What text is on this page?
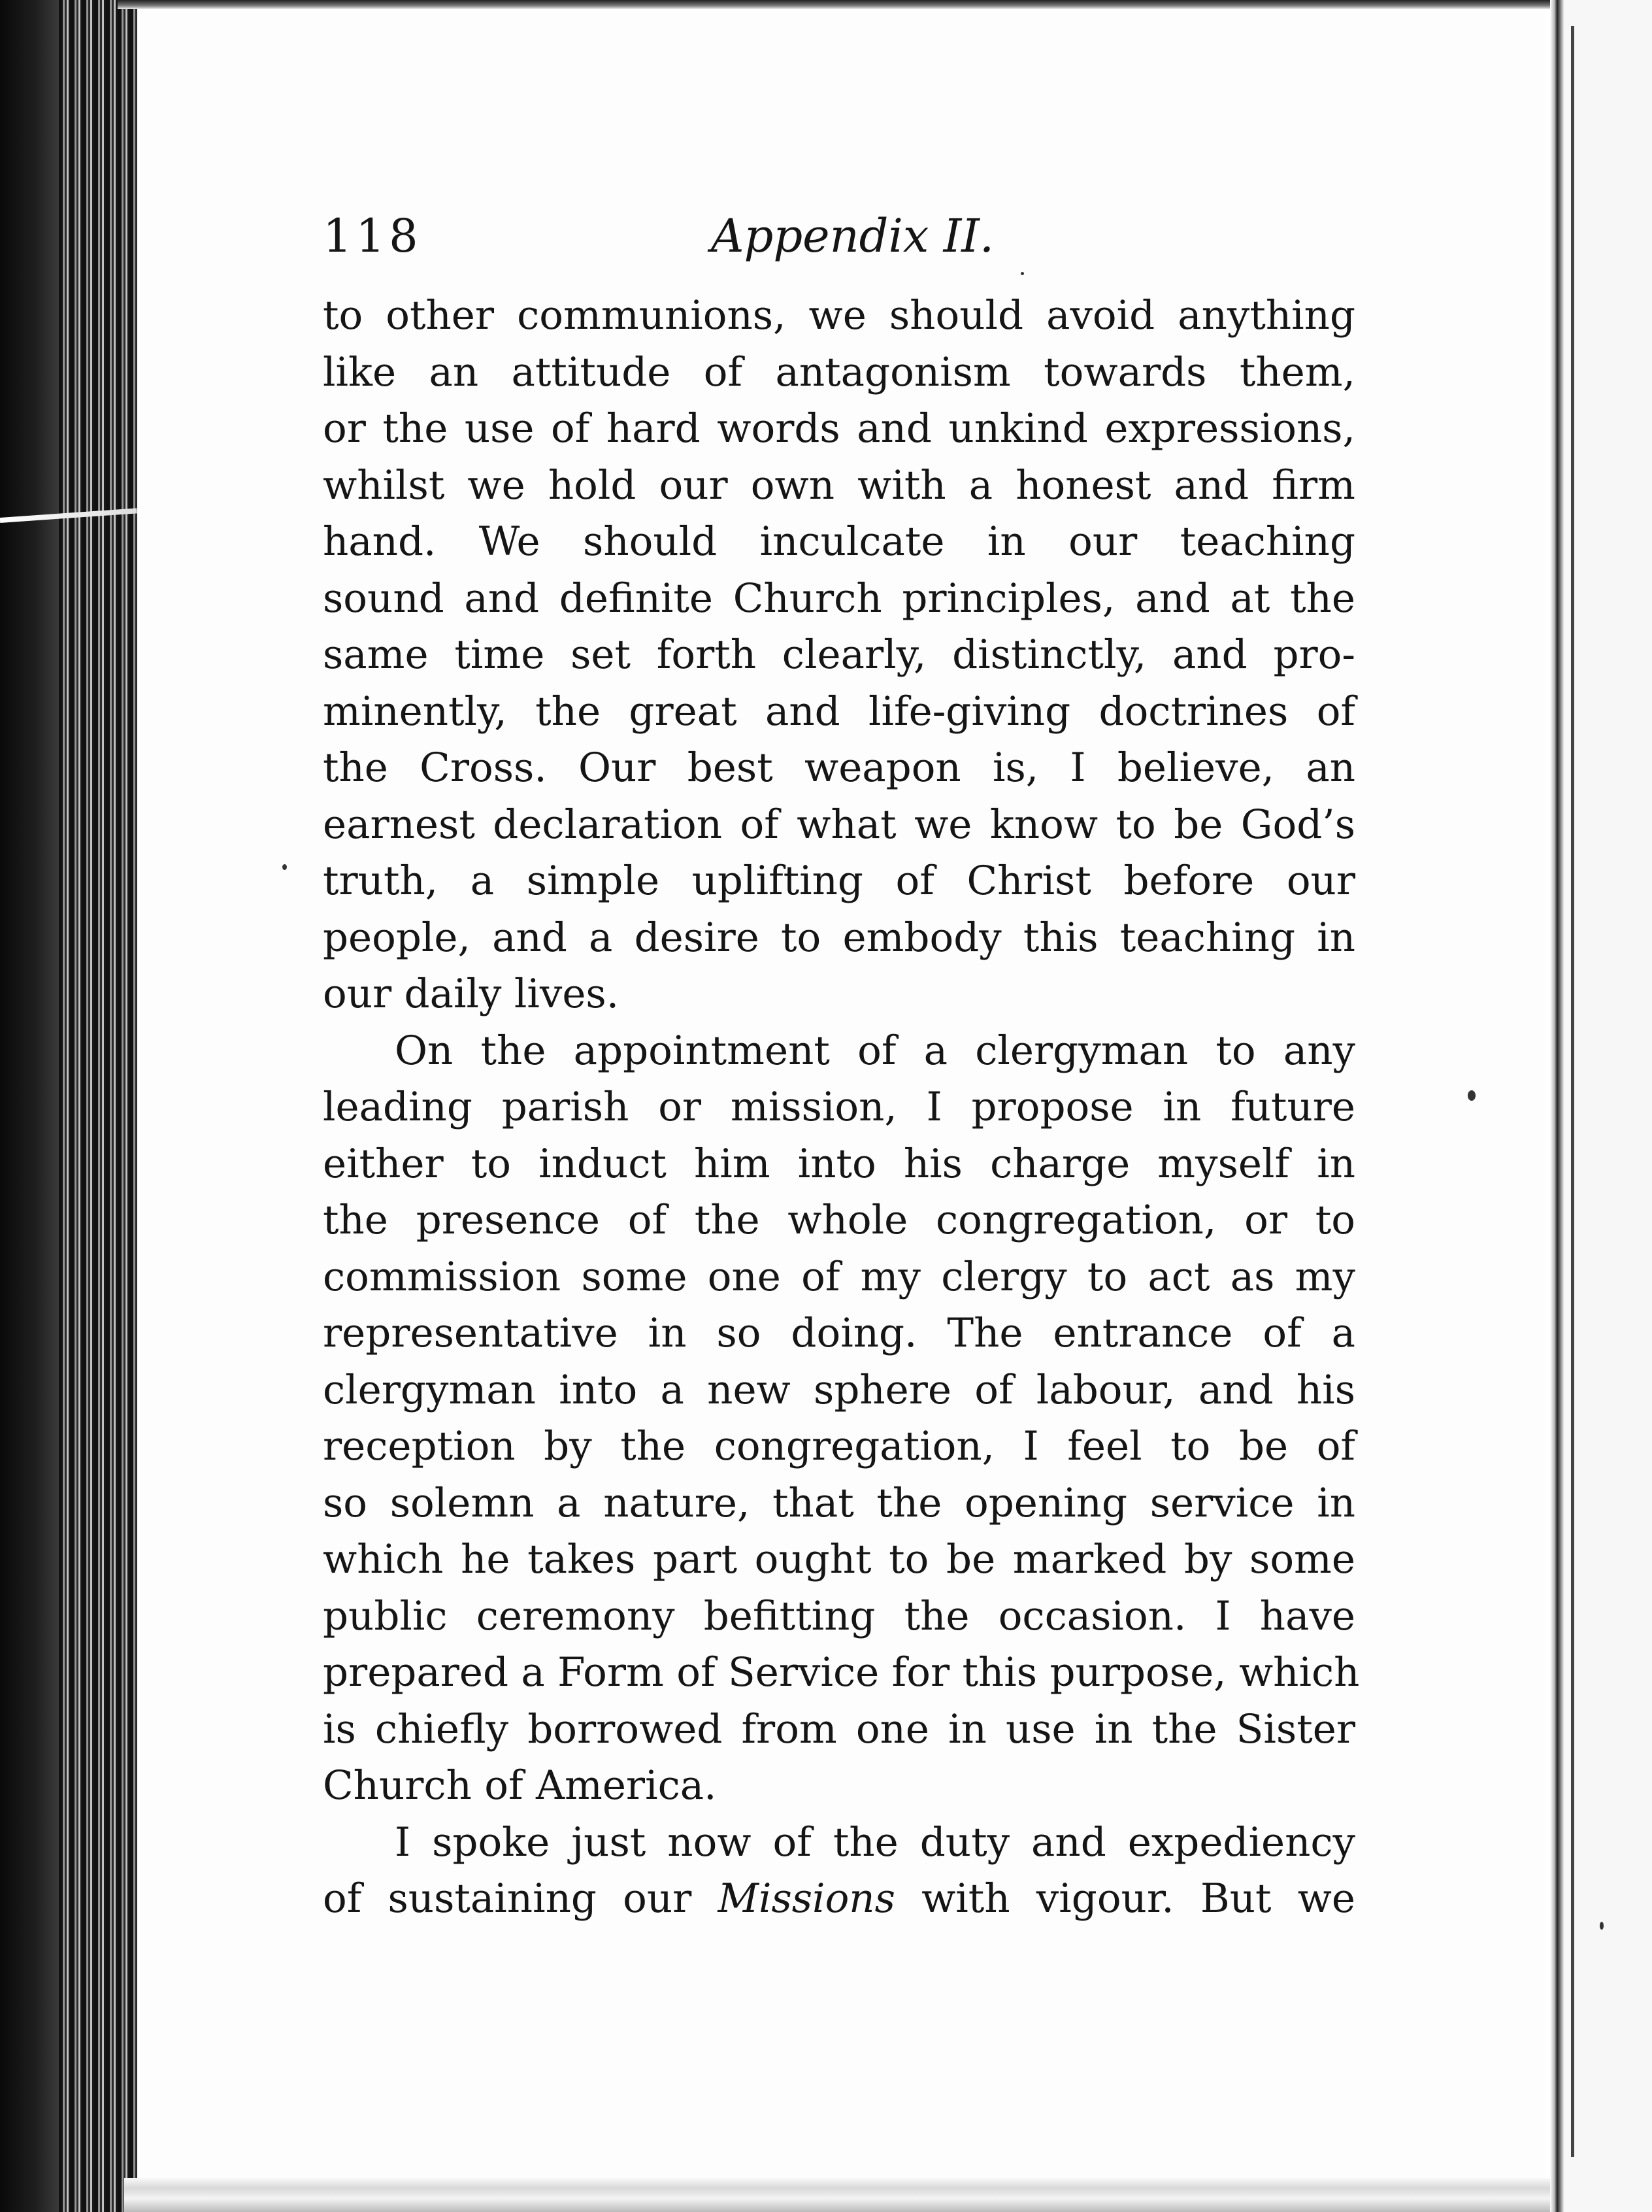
118	Appendix II.
to other communions, we should avoid anything
like an attitude of antagonism towards them,
or the use of hard words and unkind expressions,
whilst we hold our own with a honest and firm
hand. We should inculcate in our teaching
sound and definite Church principles, and at the
same time set forth clearly, distinctly, and pro-
minently, the great and life-giving doctrines of
the Cross. Our best weapon is, I believe, an
earnest declaration of what we know to be God’s
truth, a simple uplifting of Christ before our
people, and a desire to embody this teaching in
our daily lives.
On the appointment of a clergyman to any
leading parish or mission, I propose in future
either to induct him into his charge myself in
the presence of the whole congregation, or to
commission some one of my clergy to act as my
representative in so doing. The entrance of a
clergyman into a new sphere of labour, and his
reception by the congregation, I feel to be of
so solemn a nature, that the opening service in
which he takes part ought to be marked by some
public ceremony befitting the occasion. I have
prepared a Form of Service for this purpose, which
is chiefly borrowed from one in use in the Sister
Church of America.
I spoke just now of the duty and expediency
of sustaining our Missions with vigour. But we
